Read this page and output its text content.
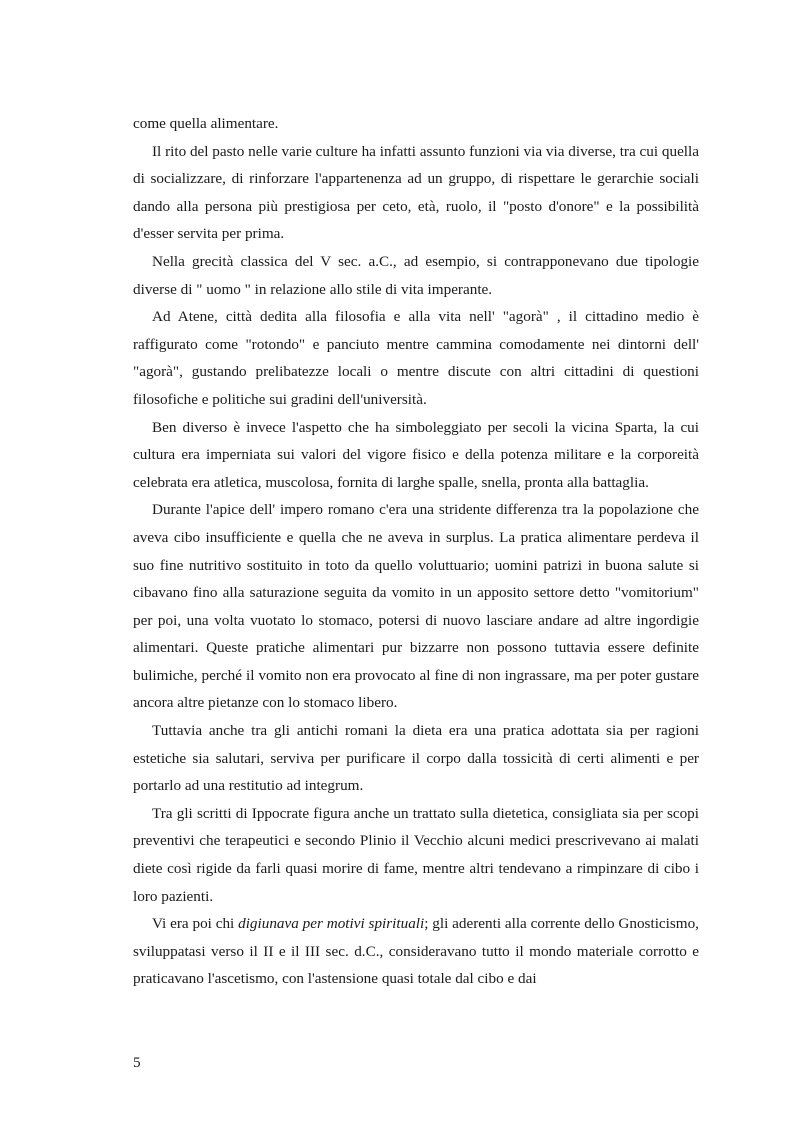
come quella alimentare.

Il rito del pasto nelle varie culture ha infatti assunto funzioni via via diverse, tra cui quella di socializzare, di rinforzare l'appartenenza ad un gruppo, di rispettare le gerarchie sociali dando alla persona più prestigiosa per ceto, età, ruolo, il "posto d'onore" e la possibilità d'esser servita per prima.

Nella grecità classica del V sec. a.C., ad esempio, si contrapponevano due tipologie diverse di " uomo " in relazione allo stile di vita imperante.

Ad Atene, città dedita alla filosofia e alla vita nell' "agorà" , il cittadino medio è raffigurato come "rotondo" e panciuto mentre cammina comodamente nei dintorni dell' "agorà", gustando prelibatezze locali o mentre discute con altri cittadini di questioni filosofiche e politiche sui gradini dell'università.

Ben diverso è invece l'aspetto che ha simboleggiato per secoli la vicina Sparta, la cui cultura era imperniata sui valori del vigore fisico e della potenza militare e la corporeità celebrata era atletica, muscolosa, fornita di larghe spalle, snella, pronta alla battaglia.

Durante l'apice dell' impero romano c'era una stridente differenza tra la popolazione che aveva cibo insufficiente e quella che ne aveva in surplus. La pratica alimentare perdeva il suo fine nutritivo sostituito in toto da quello voluttuario; uomini patrizi in buona salute si cibavano fino alla saturazione seguita da vomito in un apposito settore detto "vomitorium" per poi, una volta vuotato lo stomaco, potersi di nuovo lasciare andare ad altre ingordigie alimentari. Queste pratiche alimentari pur bizzarre non possono tuttavia essere definite bulimiche, perché il vomito non era provocato al fine di non ingrassare, ma per poter gustare ancora altre pietanze con lo stomaco libero.

Tuttavia anche tra gli antichi romani la dieta era una pratica adottata sia per ragioni estetiche sia salutari, serviva per purificare il corpo dalla tossicità di certi alimenti e per portarlo ad una restitutio ad integrum.

Tra gli scritti di Ippocrate figura anche un trattato sulla dietetica, consigliata sia per scopi preventivi che terapeutici e secondo Plinio il Vecchio alcuni medici prescrivevano ai malati diete così rigide da farli quasi morire di fame, mentre altri tendevano a rimpinzare di cibo i loro pazienti.

Vi era poi chi digiunava per motivi spirituali; gli aderenti alla corrente dello Gnosticismo, sviluppatasi verso il II e il III sec. d.C., consideravano tutto il mondo materiale corrotto e praticavano l'ascetismo, con l'astensione quasi totale dal cibo e dai

5
